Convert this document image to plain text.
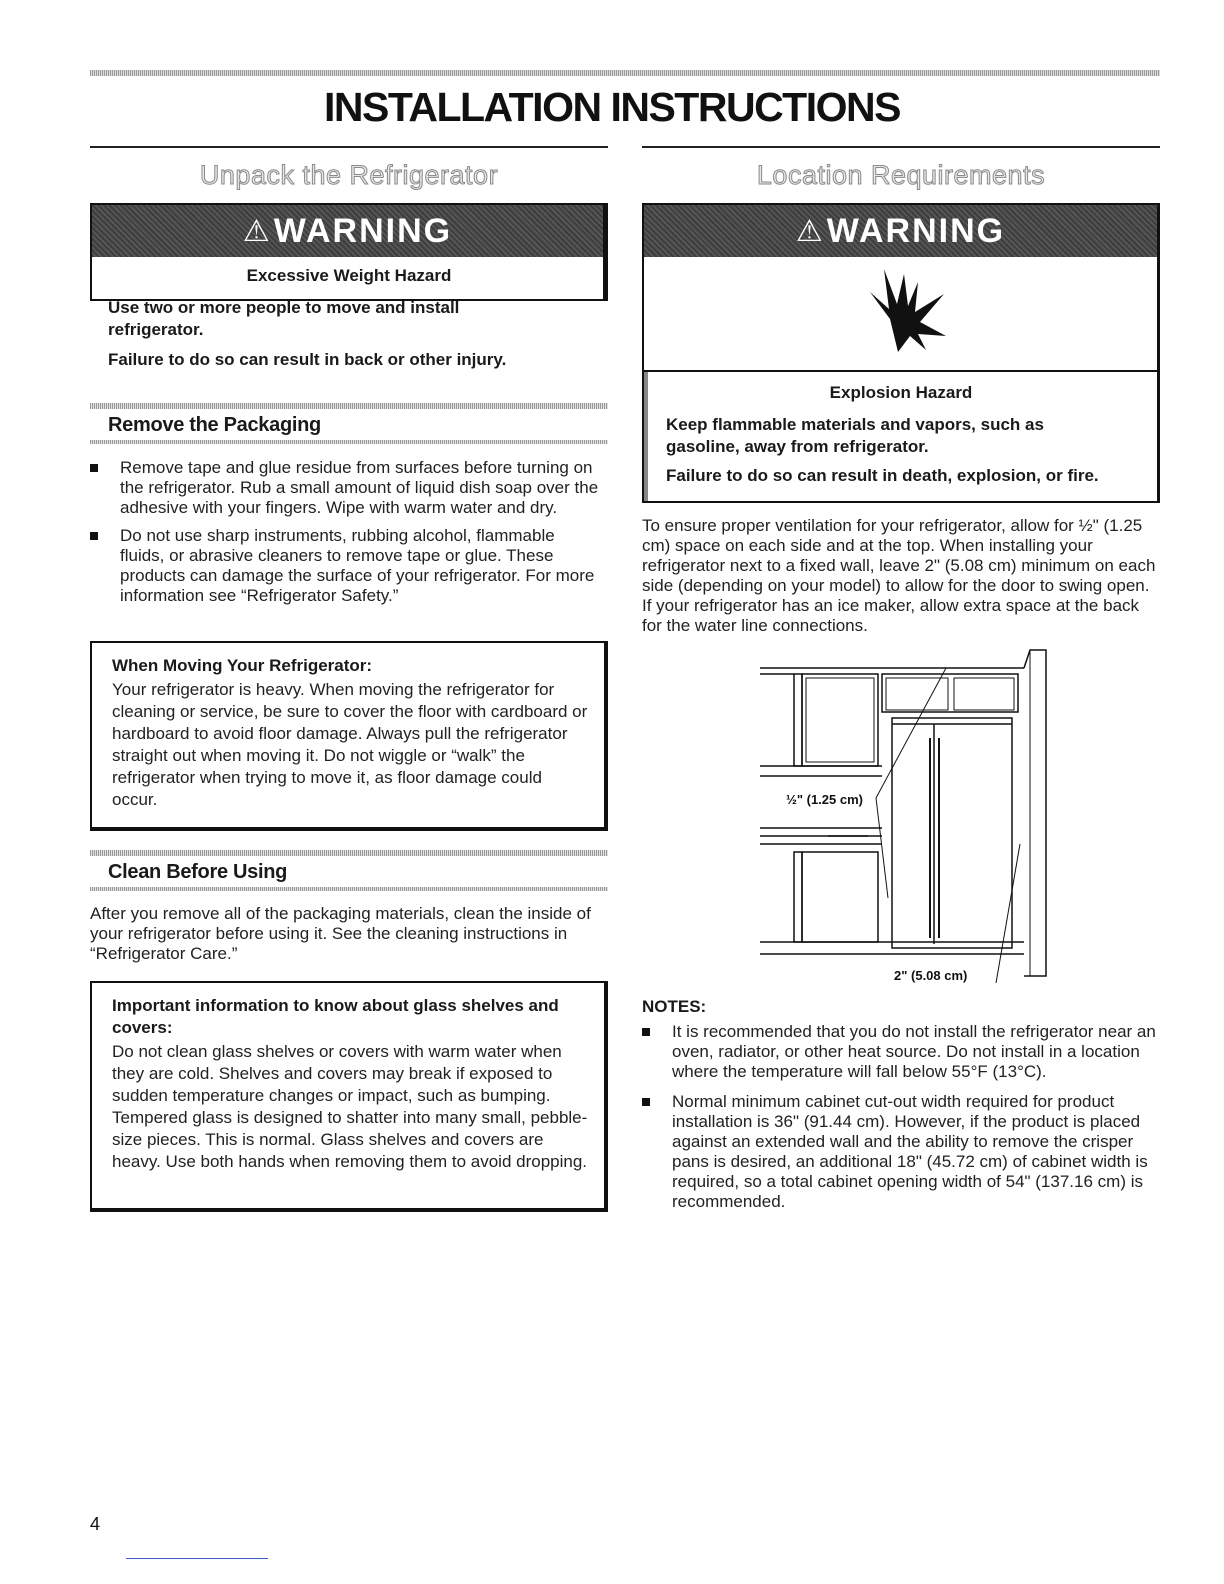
INSTALLATION INSTRUCTIONS
Unpack the Refrigerator
⚠ WARNING
Excessive Weight Hazard
Use two or more people to move and install refrigerator.
Failure to do so can result in back or other injury.
Remove the Packaging
Remove tape and glue residue from surfaces before turning on the refrigerator. Rub a small amount of liquid dish soap over the adhesive with your fingers. Wipe with warm water and dry.
Do not use sharp instruments, rubbing alcohol, flammable fluids, or abrasive cleaners to remove tape or glue. These products can damage the surface of your refrigerator. For more information see “Refrigerator Safety.”
When Moving Your Refrigerator:
Your refrigerator is heavy. When moving the refrigerator for cleaning or service, be sure to cover the floor with cardboard or hardboard to avoid floor damage. Always pull the refrigerator straight out when moving it. Do not wiggle or “walk” the refrigerator when trying to move it, as floor damage could occur.
Clean Before Using
After you remove all of the packaging materials, clean the inside of your refrigerator before using it. See the cleaning instructions in “Refrigerator Care.”
Important information to know about glass shelves and covers:
Do not clean glass shelves or covers with warm water when they are cold. Shelves and covers may break if exposed to sudden temperature changes or impact, such as bumping. Tempered glass is designed to shatter into many small, pebble-size pieces. This is normal. Glass shelves and covers are heavy. Use both hands when removing them to avoid dropping.
Location Requirements
⚠ WARNING
Explosion Hazard
Keep flammable materials and vapors, such as gasoline, away from refrigerator.
Failure to do so can result in death, explosion, or fire.
To ensure proper ventilation for your refrigerator, allow for ½" (1.25 cm) space on each side and at the top. When installing your refrigerator next to a fixed wall, leave 2" (5.08 cm) minimum on each side (depending on your model) to allow for the door to swing open. If your refrigerator has an ice maker, allow extra space at the back for the water line connections.
½" (1.25 cm)
2" (5.08 cm)
NOTES:
It is recommended that you do not install the refrigerator near an oven, radiator, or other heat source. Do not install in a location where the temperature will fall below 55°F (13°C).
Normal minimum cabinet cut-out width required for product installation is 36" (91.44 cm). However, if the product is placed against an extended wall and the ability to remove the crisper pans is desired, an additional 18" (45.72 cm) of cabinet width is required, so a total cabinet opening width of 54" (137.16 cm) is recommended.
4
